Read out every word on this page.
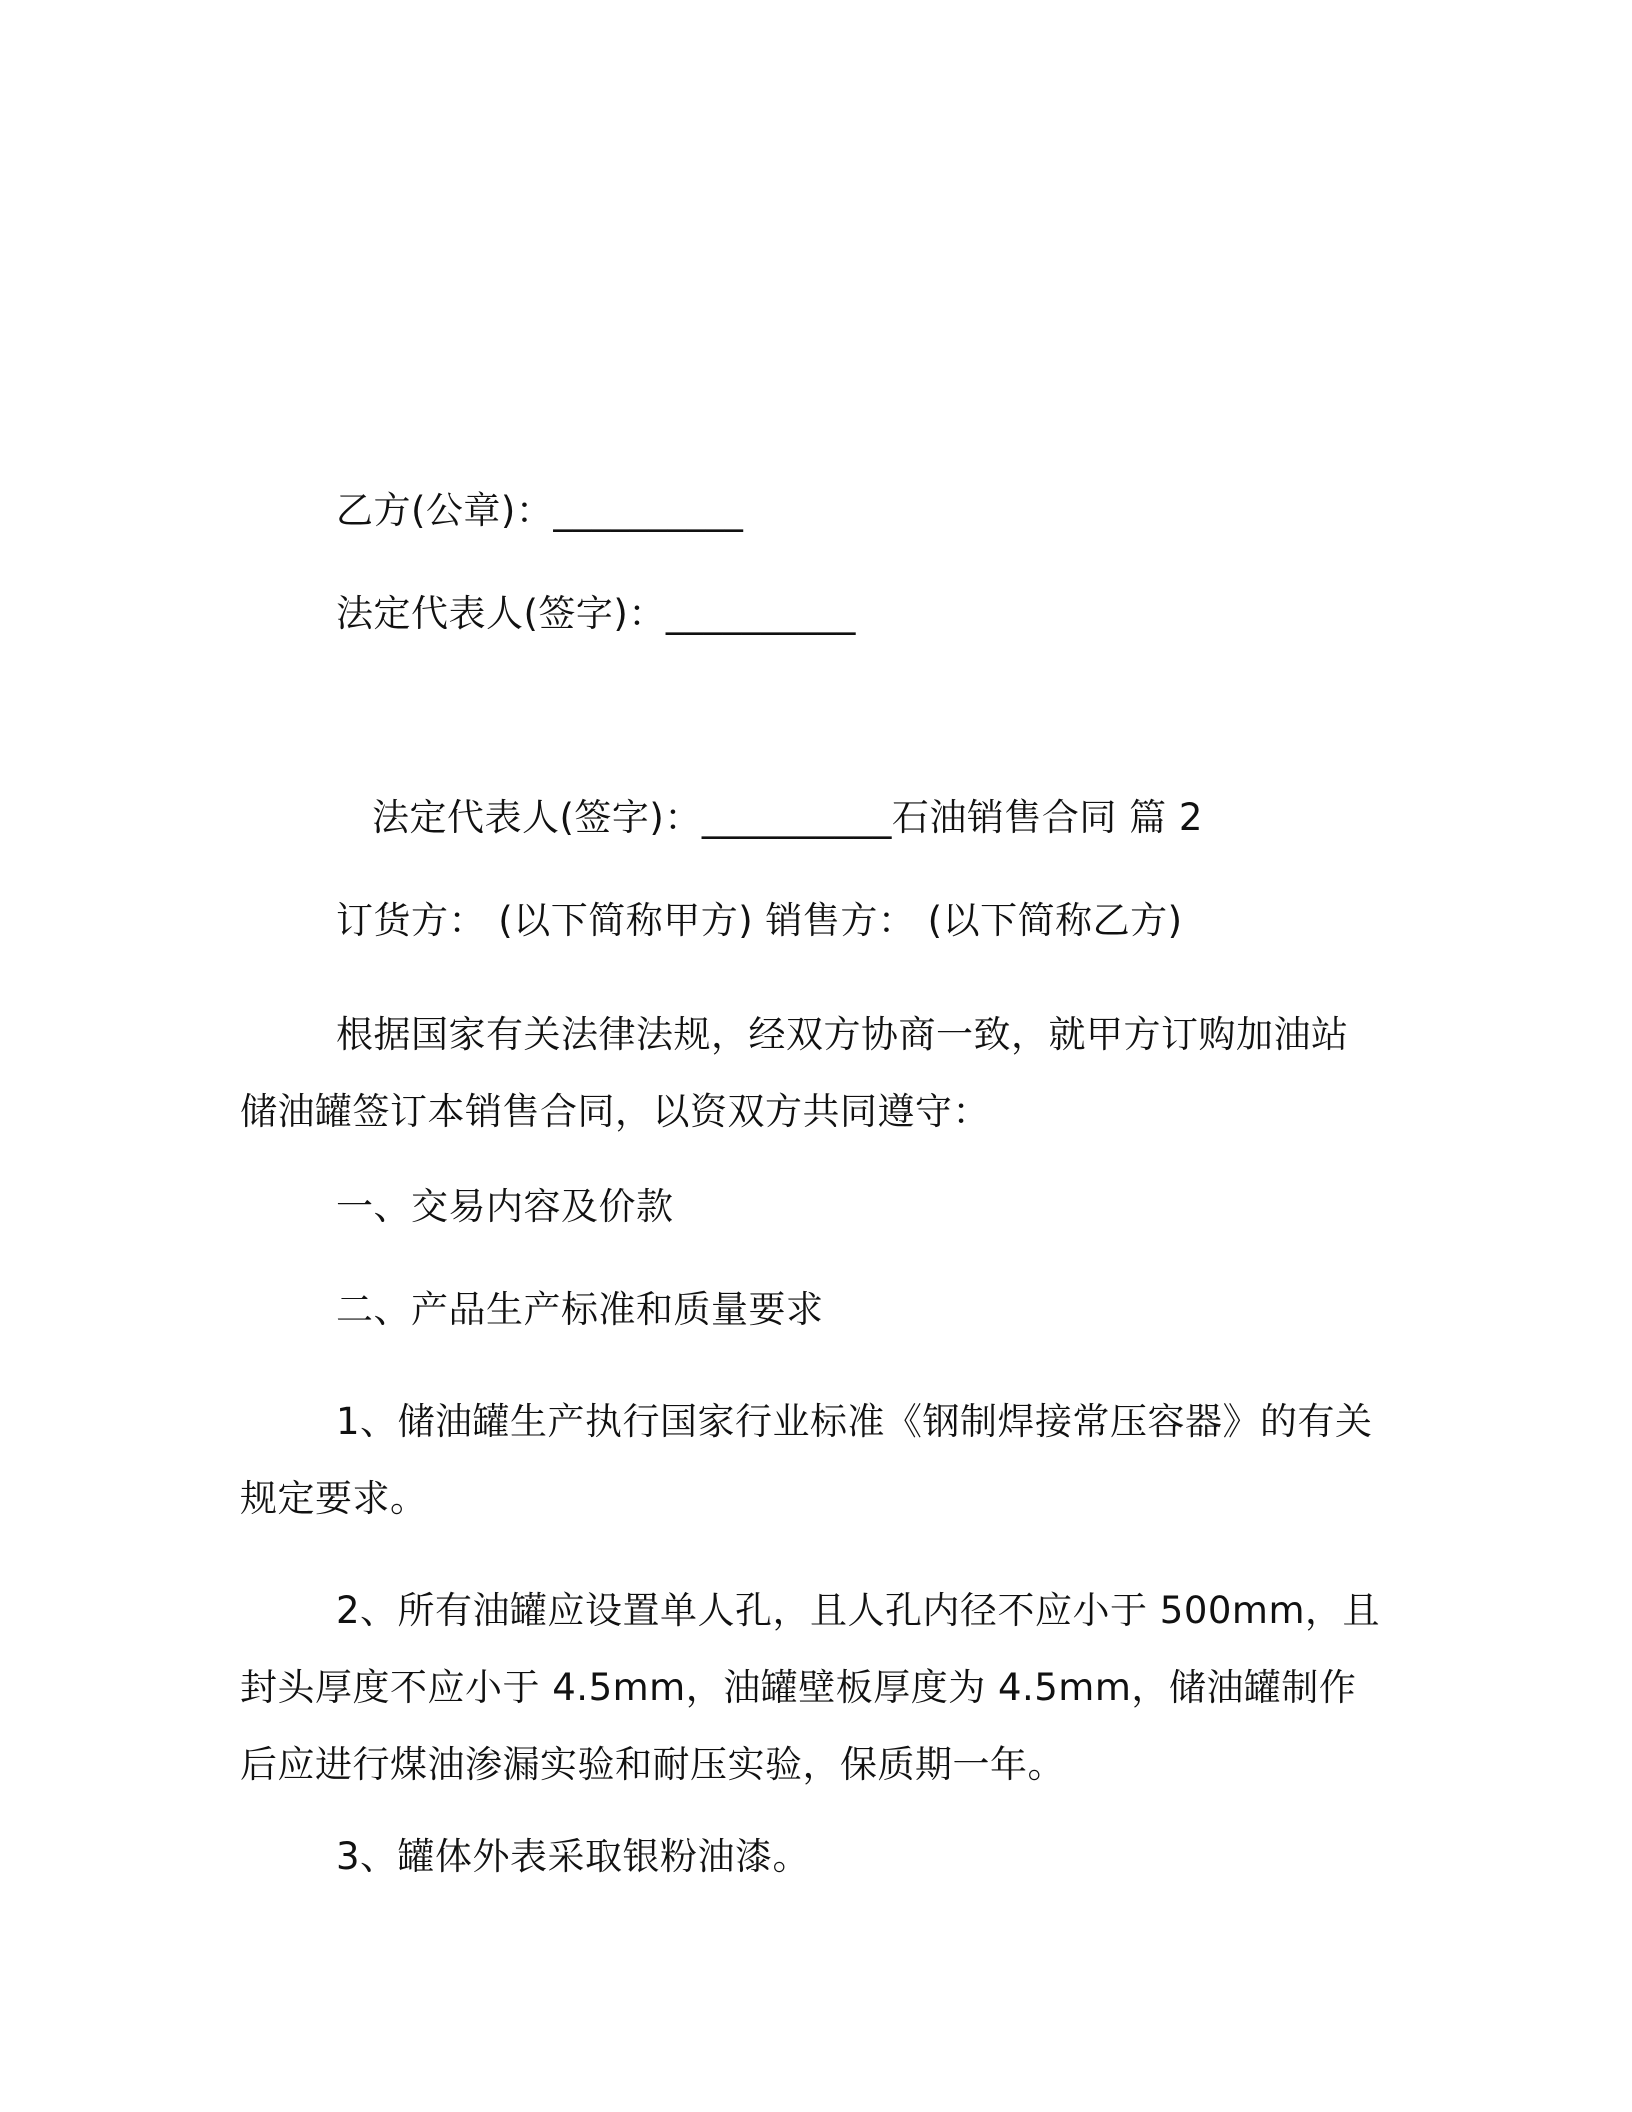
乙方(公章)：__________
法定代表人(签字)：__________
法定代表人(签字)：__________石油销售合同 篇 2
订货方： (以下简称甲方) 销售方： (以下简称乙方)
根据国家有关法律法规，经双方协商一致，就甲方订购加油站储油罐签订本销售合同，以资双方共同遵守：
一、交易内容及价款
二、产品生产标准和质量要求
1、储油罐生产执行国家行业标准《钢制焊接常压容器》的有关规定要求。
2、所有油罐应设置单人孔，且人孔内径不应小于 500mm，且封头厚度不应小于 4.5mm，油罐壁板厚度为 4.5mm，储油罐制作后应进行煤油渗漏实验和耐压实验，保质期一年。
3、罐体外表采取银粉油漆。
